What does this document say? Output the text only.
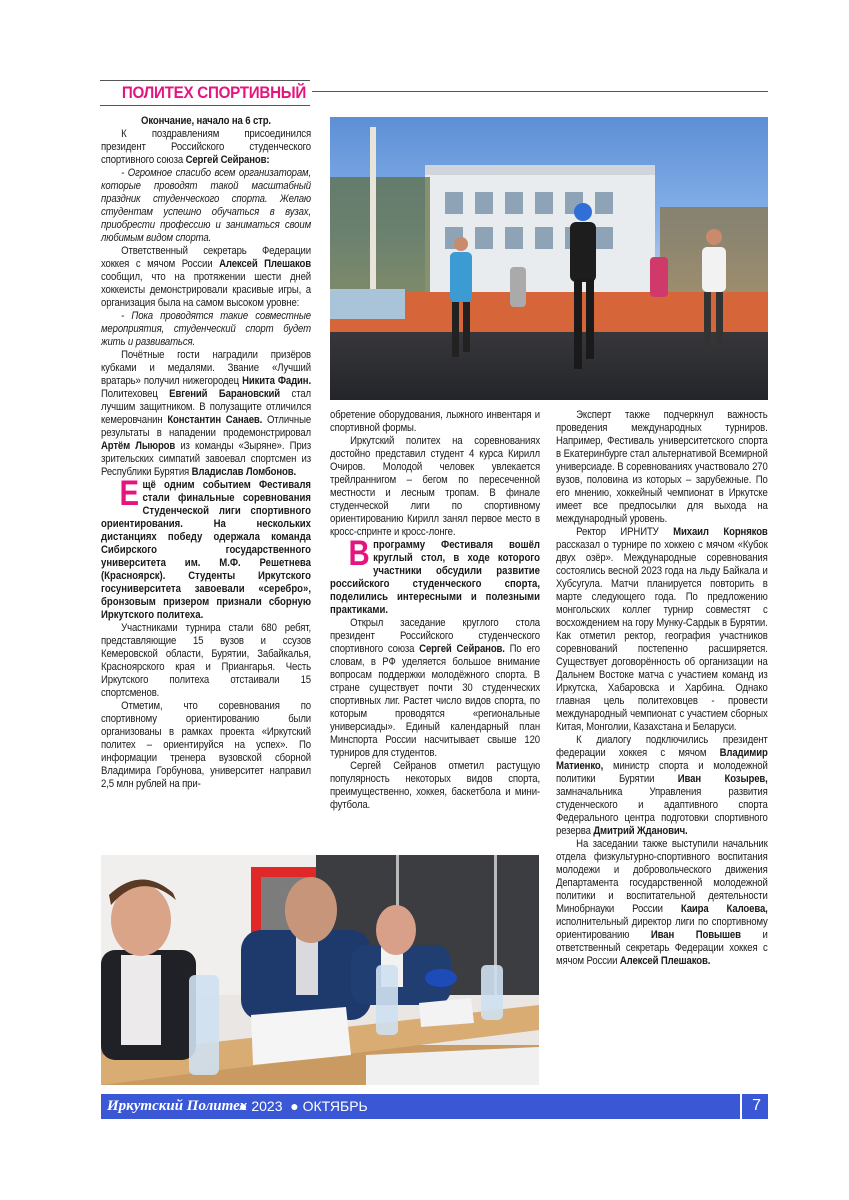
ПОЛИТЕХ СПОРТИВНЫЙ

Окончание, начало на 6 стр.

К поздравлениям присоединился президент Российского студенческого спортивного союза Сергей Сейранов:

- Огромное спасибо всем организаторам, которые проводят такой масштабный праздник студенческого спорта. Желаю студентам успешно обучаться в вузах, приобрести профессию и заниматься своим любимым видом спорта.

Ответственный секретарь Федерации хоккея с мячом России Алексей Плешаков сообщил, что на протяжении шести дней хоккеисты демонстрировали красивые игры, а организация была на самом высоком уровне:

- Пока проводятся такие совместные мероприятия, студенческий спорт будет жить и развиваться.

Почётные гости наградили призёров кубками и медалями. Звание «Лучший вратарь» получил нижегородец Никита Фадин. Политеховец Евгений Барановский стал лучшим защитником. В полузащите отличился кемеровчанин Константин Санаев. Отличные результаты в нападении продемонстрировал Артём Лыюров из команды «Зыряне». Приз зрительских симпатий завоевал спортсмен из Республики Бурятия Владислав Ломбонов.

Ещё одним событием Фестиваля стали финальные соревнования Студенческой лиги спортивного ориентирования. На нескольких дистанциях победу одержала команда Сибирского государственного университета им. М.Ф. Решетнева (Красноярск). Студенты Иркутского госуниверситета завоевали «серебро», бронзовым призером признали сборную Иркутского политеха.

Участниками турнира стали 680 ребят, представляющие 15 вузов и ссузов Кемеровской области, Бурятии, Забайкалья, Красноярского края и Приангарья. Честь Иркутского политеха отстаивали 15 спортсменов.

Отметим, что соревнования по спортивному ориентированию были организованы в рамках проекта «Иркутский политех – ориентируйся на успех». По информации тренера вузовской сборной Владимира Горбунова, университет направил 2,5 млн рублей на при-

обретение оборудования, лыжного инвентаря и спортивной формы.

Иркутский политех на соревнованиях достойно представил студент 4 курса Кирилл Очиров. Молодой человек увлекается трейлраннигом – бегом по пересеченной местности и лесным тропам. В финале студенческой лиги по спортивному ориентированию Кирилл занял первое место в кросс-спринте и кросс-лонге.

В программу Фестиваля вошёл круглый стол, в ходе которого участники обсудили развитие российского студенческого спорта, поделились интересными и полезными практиками.

Открыл заседание круглого стола президент Российского студенческого спортивного союза Сергей Сейранов. По его словам, в РФ уделяется большое внимание вопросам поддержки молодёжного спорта. В стране существует почти 30 студенческих спортивных лиг. Растет число видов спорта, по которым проводятся «региональные универсиады». Единый календарный план Минспорта России насчитывает свыше 120 турниров для студентов.

Сергей Сейранов отметил растущую популярность некоторых видов спорта, преимущественно, хоккея, баскетбола и мини-футбола.

Эксперт также подчеркнул важность проведения международных турниров. Например, Фестиваль университетского спорта в Екатеринбурге стал альтернативой Всемирной универсиаде. В соревнованиях участвовало 270 вузов, половина из которых – зарубежные. По его мнению, хоккейный чемпионат в Иркутске имеет все предпосылки для выхода на международный уровень.

Ректор ИРНИТУ Михаил Корняков рассказал о турнире по хоккею с мячом «Кубок двух озёр». Международные соревнования состоялись весной 2023 года на льду Байкала и Хубсугула. Матчи планируется повторить в марте следующего года. По предложению монгольских коллег турнир совместят с восхождением на гору Мунку-Сардык в Бурятии. Как отметил ректор, география участников соревнований постепенно расширяется. Существует договорённость об организации на Дальнем Востоке матча с участием команд из Иркутска, Хабаровска и Харбина. Однако главная цель политеховцев - провести международный чемпионат с участием сборных Китая, Монголии, Казахстана и Беларуси.

К диалогу подключились президент федерации хоккея с мячом Владимир Матиенко, министр спорта и молодежной политики Бурятии Иван Козырев, замначальника Управления развития студенческого и адаптивного спорта Федерального центра подготовки спортивного резерва Дмитрий Жданович.

На заседании также выступили начальник отдела физкультурно-спортивного воспитания молодежи и добровольческого движения Департамента государственной молодежной политики и воспитательной деятельности Минобрнауки России Каира Калоева, исполнительный директор лиги по спортивному ориентированию Иван Повышев и ответственный секретарь Федерации хоккея с мячом России Алексей Плешаков.

Иркутский Политех
● 2023 ● ОКТЯБРЬ	7
